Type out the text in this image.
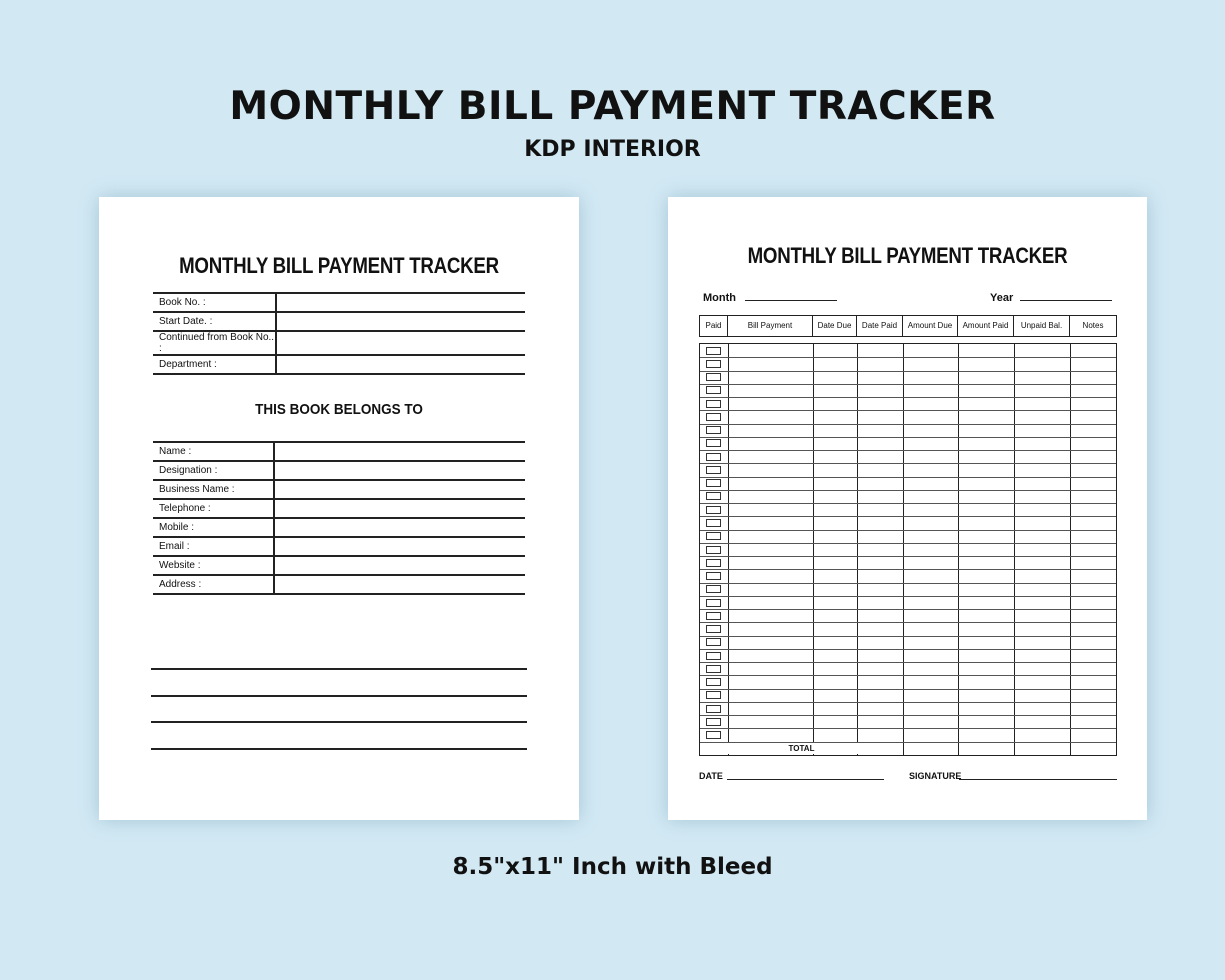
MONTHLY BILL PAYMENT TRACKER
KDP INTERIOR
MONTHLY BILL PAYMENT TRACKER
Book No. :	
Start Date. :	
Continued from Book No.. :	
Department :	
THIS BOOK BELONGS TO
Name :	
Designation :	
Business Name :	
Telephone :	
Mobile :	
Email :	
Website :	
Address :	
MONTHLY BILL PAYMENT TRACKER
Month	Year
Paid	Bill Payment	Date Due	Date Paid	Amount Due	Amount Paid	Unpaid Bal.	Notes
TOTAL
DATE	SIGNATURE
8.5"x11" Inch with Bleed
